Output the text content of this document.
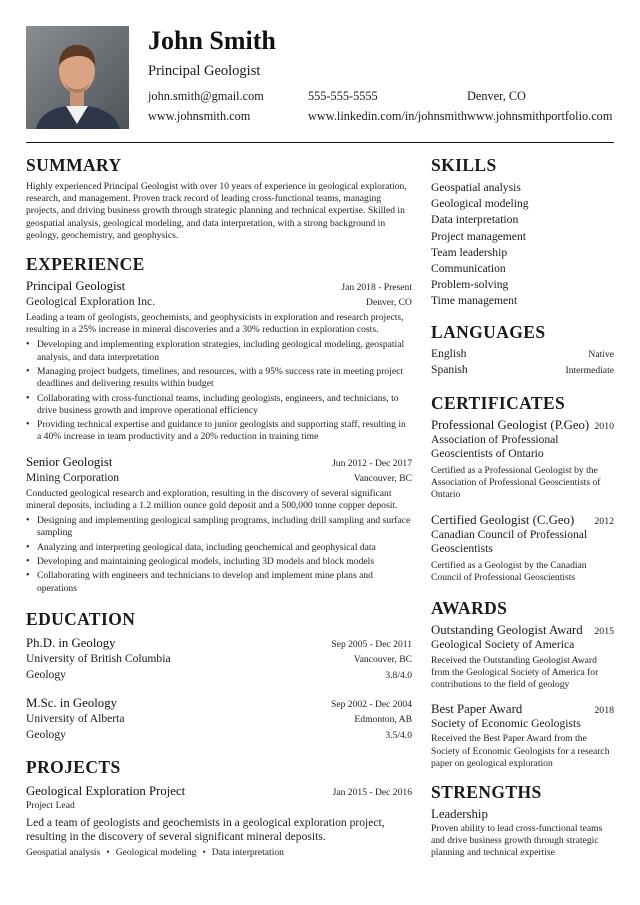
John Smith
Principal Geologist
john.smith@gmail.com	555-555-5555	Denver, CO
www.johnsmith.com	www.linkedin.com/in/johnsmith www.johnsmithportfolio.com
SUMMARY
Highly experienced Principal Geologist with over 10 years of experience in geological exploration, research, and management. Proven track record of leading cross-functional teams, managing projects, and driving business growth through strategic planning and technical expertise. Skilled in geospatial analysis, geological modeling, and data interpretation, with a strong background in geology, geochemistry, and geophysics.
EXPERIENCE
Principal Geologist	Jan 2018 - Present
Geological Exploration Inc.	Denver, CO
Leading a team of geologists, geochemists, and geophysicists in exploration and research projects, resulting in a 25% increase in mineral discoveries and a 30% reduction in exploration costs.
• Developing and implementing exploration strategies, including geological modeling, geospatial analysis, and data interpretation
• Managing project budgets, timelines, and resources, with a 95% success rate in meeting project deadlines and delivering results within budget
• Collaborating with cross-functional teams, including geologists, engineers, and technicians, to drive business growth and improve operational efficiency
• Providing technical expertise and guidance to junior geologists and supporting staff, resulting in a 40% increase in team productivity and a 20% reduction in training time
Senior Geologist	Jun 2012 - Dec 2017
Mining Corporation	Vancouver, BC
Conducted geological research and exploration, resulting in the discovery of several significant mineral deposits, including a 1.2 million ounce gold deposit and a 500,000 tonne copper deposit.
• Designing and implementing geological sampling programs, including drill sampling and surface sampling
• Analyzing and interpreting geological data, including geochemical and geophysical data
• Developing and maintaining geological models, including 3D models and block models
• Collaborating with engineers and technicians to develop and implement mine plans and operations
EDUCATION
Ph.D. in Geology	Sep 2005 - Dec 2011
University of British Columbia	Vancouver, BC
Geology	3.8/4.0
M.Sc. in Geology	Sep 2002 - Dec 2004
University of Alberta	Edmonton, AB
Geology	3.5/4.0
PROJECTS
Geological Exploration Project	Jan 2015 - Dec 2016
Project Lead
Led a team of geologists and geochemists in a geological exploration project, resulting in the discovery of several significant mineral deposits.
Geospatial analysis • Geological modeling • Data interpretation
SKILLS
Geospatial analysis
Geological modeling
Data interpretation
Project management
Team leadership
Communication
Problem-solving
Time management
LANGUAGES
English	Native
Spanish	Intermediate
CERTIFICATES
Professional Geologist (P.Geo) 2010
Association of Professional Geoscientists of Ontario
Certified as a Professional Geologist by the Association of Professional Geoscientists of Ontario
Certified Geologist (C.Geo) 2012
Canadian Council of Professional Geoscientists
Certified as a Geologist by the Canadian Council of Professional Geoscientists
AWARDS
Outstanding Geologist Award 2015
Geological Society of America
Received the Outstanding Geologist Award from the Geological Society of America for contributions to the field of geology
Best Paper Award	2018
Society of Economic Geologists
Received the Best Paper Award from the Society of Economic Geologists for a research paper on geological exploration
STRENGTHS
Leadership
Proven ability to lead cross-functional teams and drive business growth through strategic planning and technical expertise
